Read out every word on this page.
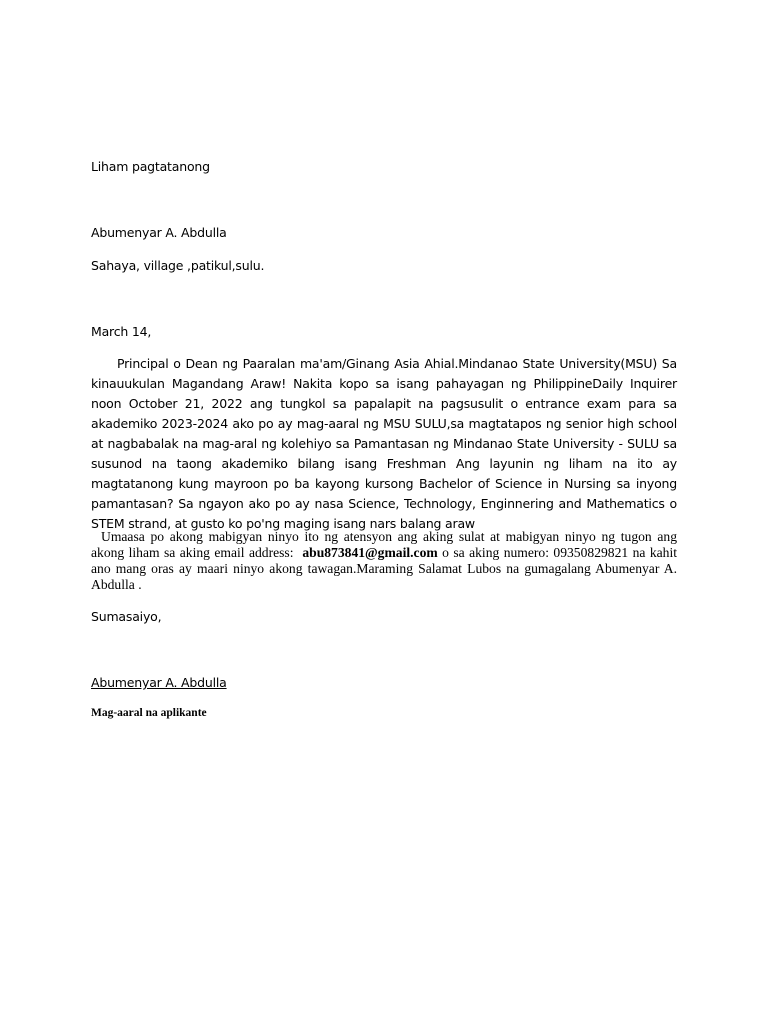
Liham pagtatanong
Abumenyar A. Abdulla
Sahaya, village ,patikul,sulu.
March 14,
Principal o Dean ng Paaralan ma'am/Ginang Asia Ahial.Mindanao State University(MSU) Sa kinauukulan Magandang Araw! Nakita kopo sa isang pahayagan ng PhilippineDaily Inquirer noon October 21, 2022 ang tungkol sa papalapit na pagsusulit o entrance exam para sa akademiko 2023-2024 ako po ay mag-aaral ng MSU SULU,sa magtatapos ng senior high school at nagbabalak na mag-aral ng kolehiyo sa Pamantasan ng Mindanao State University - SULU sa susunod na taong akademiko bilang isang Freshman Ang layunin ng liham na ito ay magtatanong kung mayroon po ba kayong kursong Bachelor of Science in Nursing sa inyong pamantasan? Sa ngayon ako po ay nasa Science, Technology, Enginnering and Mathematics o STEM strand, at gusto ko po'ng maging isang nars balang araw
Umaasa po akong mabigyan ninyo ito ng atensyon ang aking sulat at mabigyan ninyo ng tugon ang akong liham sa aking email address: abu873841@gmail.com o sa aking numero: 09350829821 na kahit ano mang oras ay maari ninyo akong tawagan.Maraming Salamat Lubos na gumagalang Abumenyar A. Abdulla .
Sumasaiyo,
Abumenyar A. Abdulla
Mag-aaral na aplikante
